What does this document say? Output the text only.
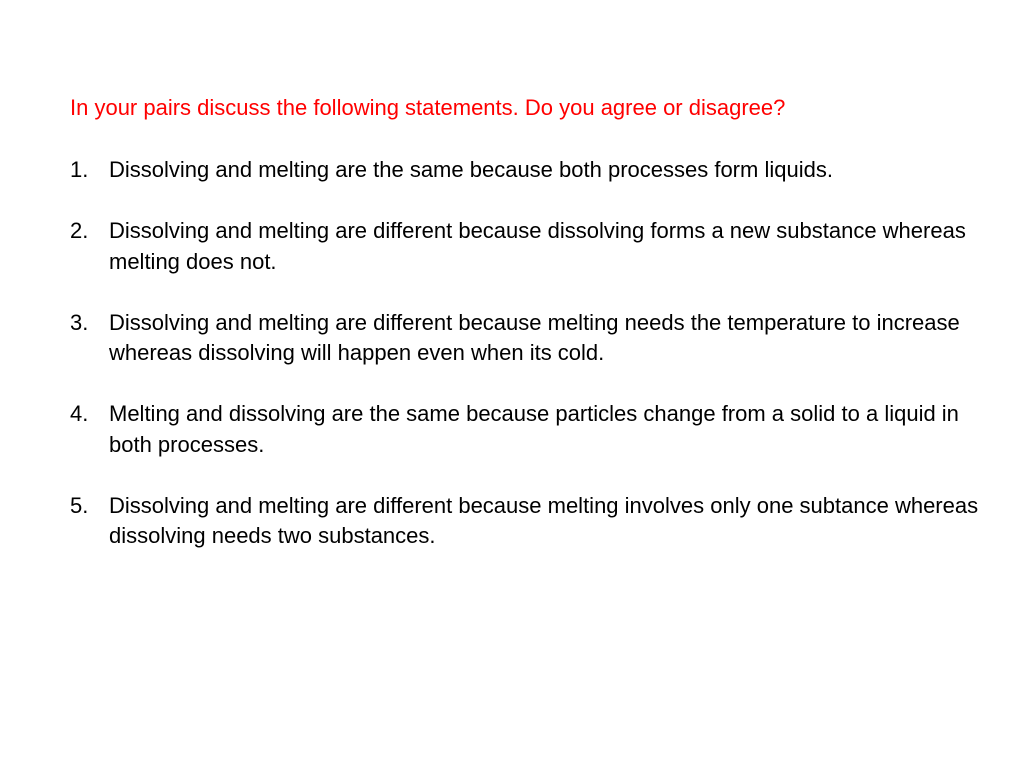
In your pairs discuss the following statements. Do you agree or disagree?

1. Dissolving and melting are the same because both processes form liquids.
2. Dissolving and melting are different because dissolving forms a new substance whereas melting does not.
3. Dissolving and melting are different because melting needs the temperature to increase whereas dissolving will happen even when its cold.
4. Melting and dissolving are the same because particles change from a solid to a liquid in both processes.
5. Dissolving and melting are different because melting involves only one subtance whereas dissolving needs two substances.
